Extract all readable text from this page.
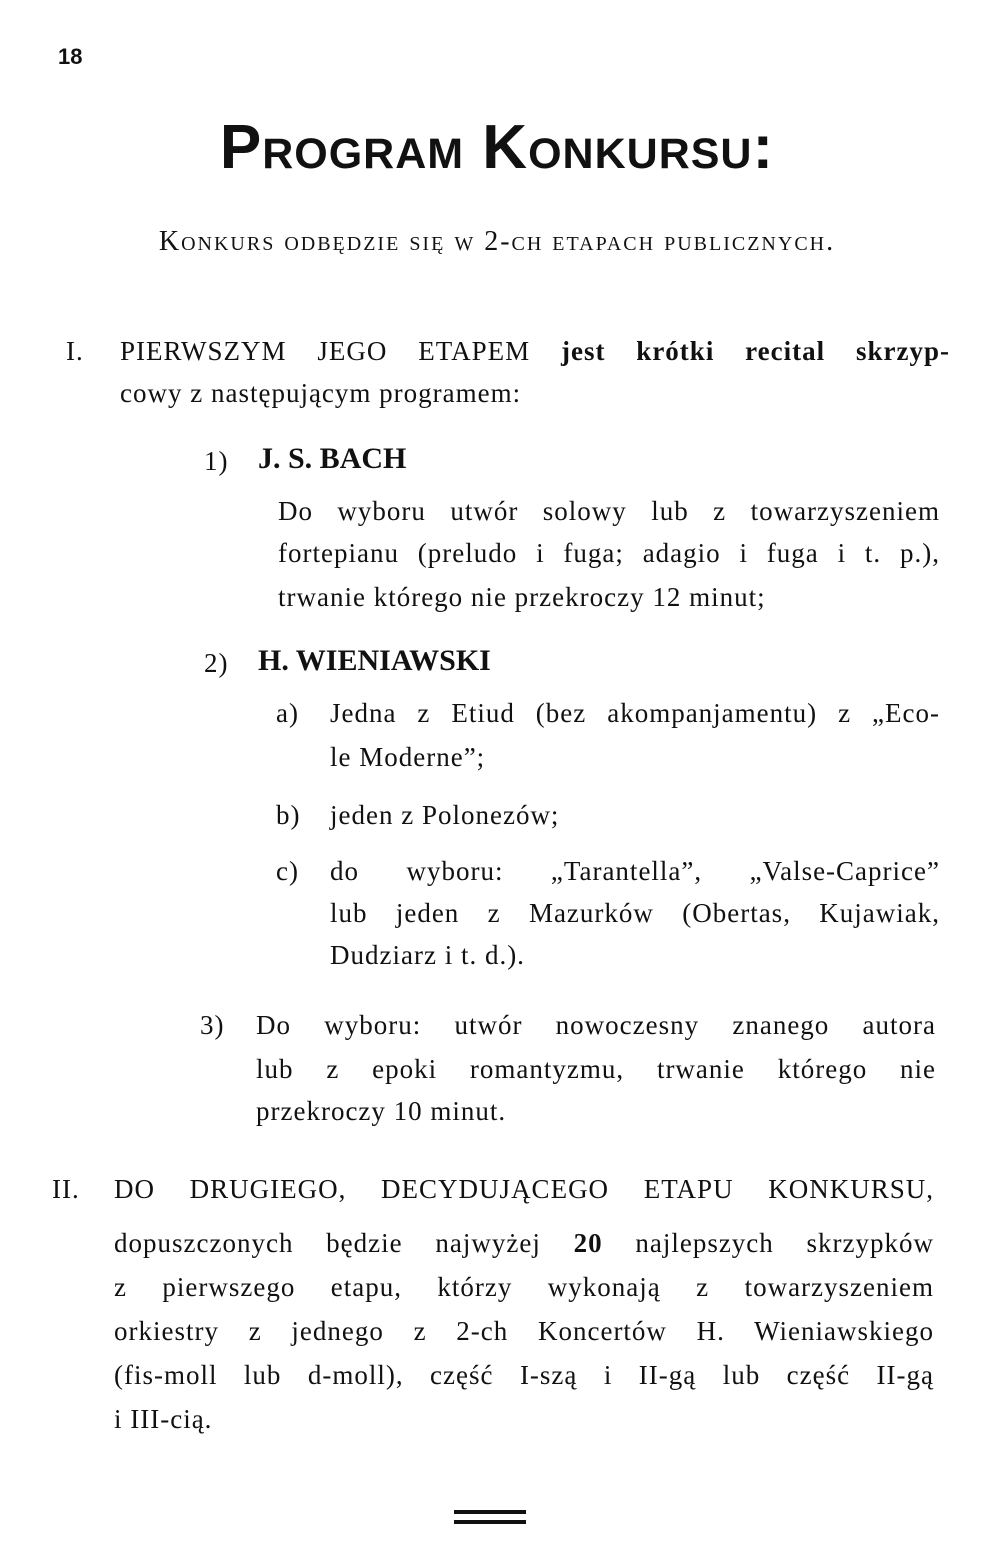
18
Program Konkursu:
Konkurs odbędzie się w 2-ch etapach publicznych.
I. PIERWSZYM JEGO ETAPEM jest krótki recital skrzyp-
cowy z następującym programem:
1) J. S. BACH
Do wyboru utwór solowy lub z towarzyszeniem
fortepianu (preludo i fuga; adagio i fuga i t. p.),
trwanie którego nie przekroczy 12 minut;
2) H. WIENIAWSKI
a) Jedna z Etiud (bez akompanjamentu) z „Eco-
le Moderne”;
b) jeden z Polonezów;
c) do wyboru: „Tarantella”, „Valse-Caprice”
lub jeden z Mazurków (Obertas, Kujawiak,
Dudziarz i t. d.).
3) Do wyboru: utwór nowoczesny znanego autora
lub z epoki romantyzmu, trwanie którego nie
przekroczy 10 minut.
II. DO DRUGIEGO, DECYDUJĄCEGO ETAPU KONKURSU,
dopuszczonych będzie najwyżej 20 najlepszych skrzypków
z pierwszego etapu, którzy wykonają z towarzyszeniem
orkiestry z jednego z 2-ch Koncertów H. Wieniawskiego
(fis-moll lub d-moll), część I-szą i II-gą lub część II-gą
i III-cią.
